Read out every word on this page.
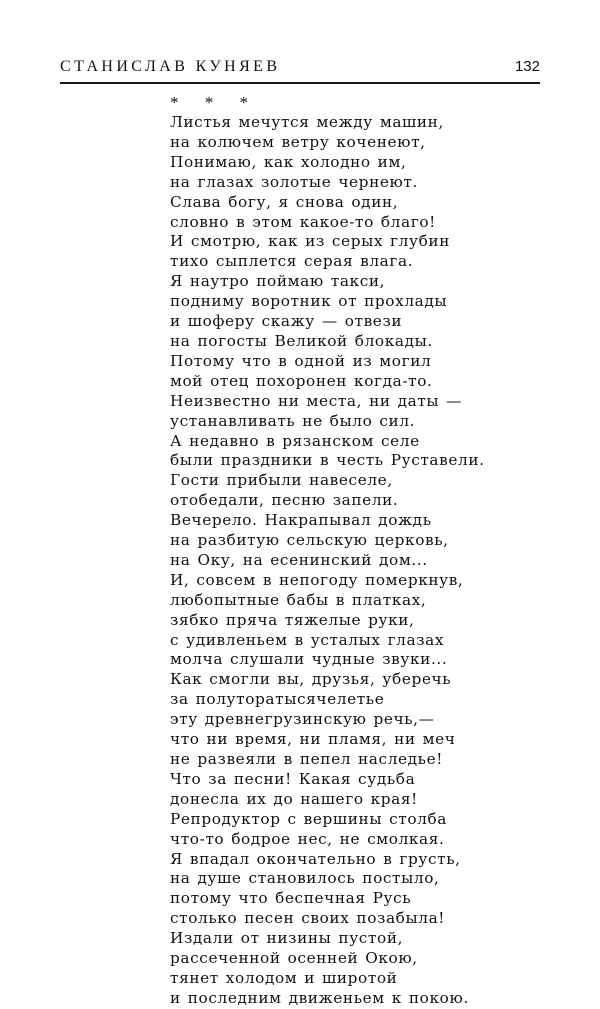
СТАНИСЛАВ КУНЯЕВ	132
* * *
Листья мечутся между машин,
на колючем ветру коченеют,
Понимаю, как холодно им,
на глазах золотые чернеют.
Слава богу, я снова один,
словно в этом какое-то благо!
И смотрю, как из серых глубин
тихо сыплется серая влага.
Я наутро поймаю такси,
подниму воротник от прохлады
и шоферу скажу — отвези
на погосты Великой блокады.
Потому что в одной из могил
мой отец похоронен когда-то.
Неизвестно ни места, ни даты —
устанавливать не было сил.
А недавно в рязанском селе
были праздники в честь Руставели.
Гости прибыли навеселе,
отобедали, песню запели.
Вечерело. Накрапывал дождь
на разбитую сельскую церковь,
на Оку, на есенинский дом...
И, совсем в непогоду померкнув,
любопытные бабы в платках,
зябко пряча тяжелые руки,
с удивленьем в усталых глазах
молча слушали чудные звуки...
Как смогли вы, друзья, уберечь
за полуторатысячелетье
эту древнегрузинскую речь,—
что ни время, ни пламя, ни меч
не развеяли в пепел наследье!
Что за песни! Какая судьба
донесла их до нашего края!
Репродуктор с вершины столба
что-то бодрое нес, не смолкая.
Я впадал окончательно в грусть,
на душе становилось постыло,
потому что беспечная Русь
столько песен своих позабыла!
Издали от низины пустой,
рассеченной осенней Окою,
тянет холодом и широтой
и последним движеньем к покою.
